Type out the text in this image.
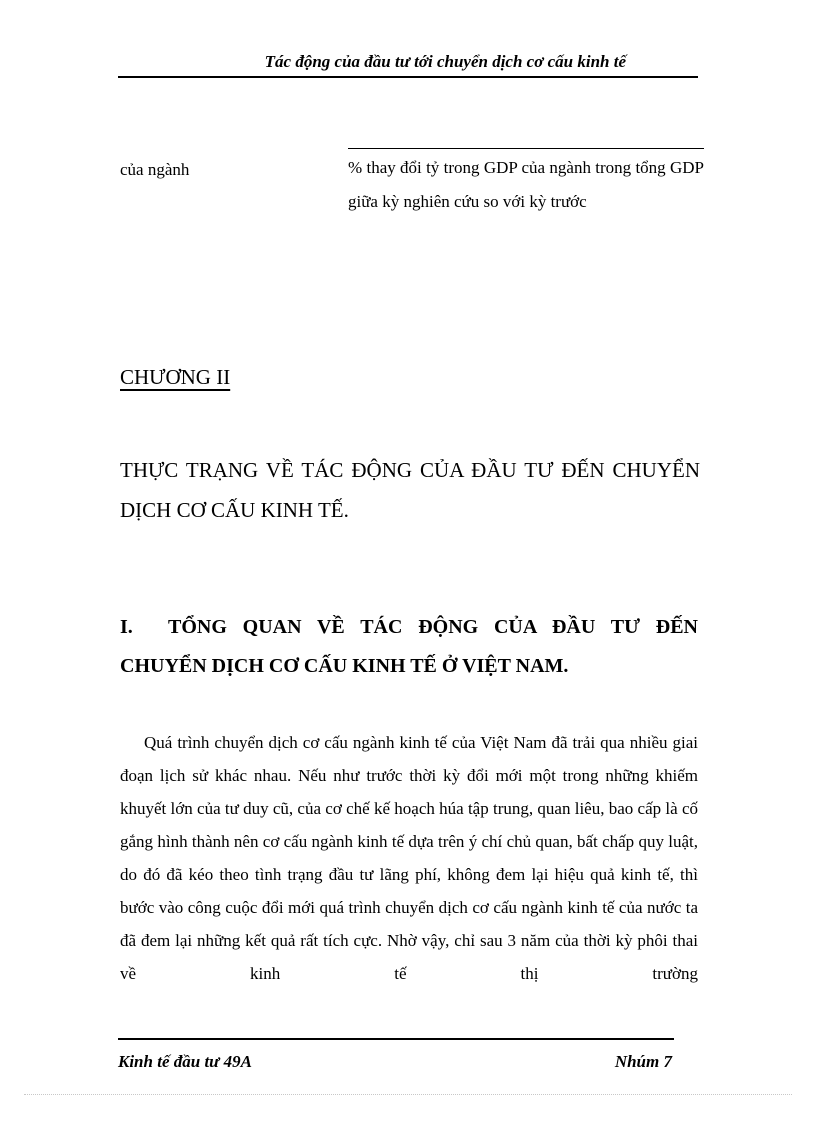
Tác động của đầu tư tới chuyển dịch cơ cấu kinh tế
của ngành	% thay đổi tỷ trong GDP của ngành trong tổng GDP giữa kỳ nghiên cứu so với kỳ trước
CHƯƠNG II
THỰC TRẠNG VỀ TÁC ĐỘNG CỦA ĐẦU TƯ ĐẾN CHUYỂN DỊCH CƠ CẤU KINH TẾ.
I. TỔNG QUAN VỀ TÁC ĐỘNG CỦA ĐẦU TƯ ĐẾN CHUYỂN DỊCH CƠ CẤU KINH TẾ Ở VIỆT NAM.

Quá trình chuyển dịch cơ cấu ngành kinh tế của Việt Nam đã trải qua nhiều giai đoạn lịch sử khác nhau. Nếu như trước thời kỳ đổi mới một trong những khiếm khuyết lớn của tư duy cũ, của cơ chế kế hoạch húa tập trung, quan liêu, bao cấp là cố gắng hình thành nên cơ cấu ngành kinh tế dựa trên ý chí chủ quan, bất chấp quy luật, do đó đã kéo theo tình trạng đầu tư lãng phí, không đem lại hiệu quả kinh tế, thì bước vào công cuộc đổi mới quá trình chuyển dịch cơ cấu ngành kinh tế của nước ta đã đem lại những kết quả rất tích cực. Nhờ vậy, chỉ sau 3 năm của thời kỳ phôi thai về kinh tế thị trường

Kinh tế đầu tư 49A	Nhúm 7
